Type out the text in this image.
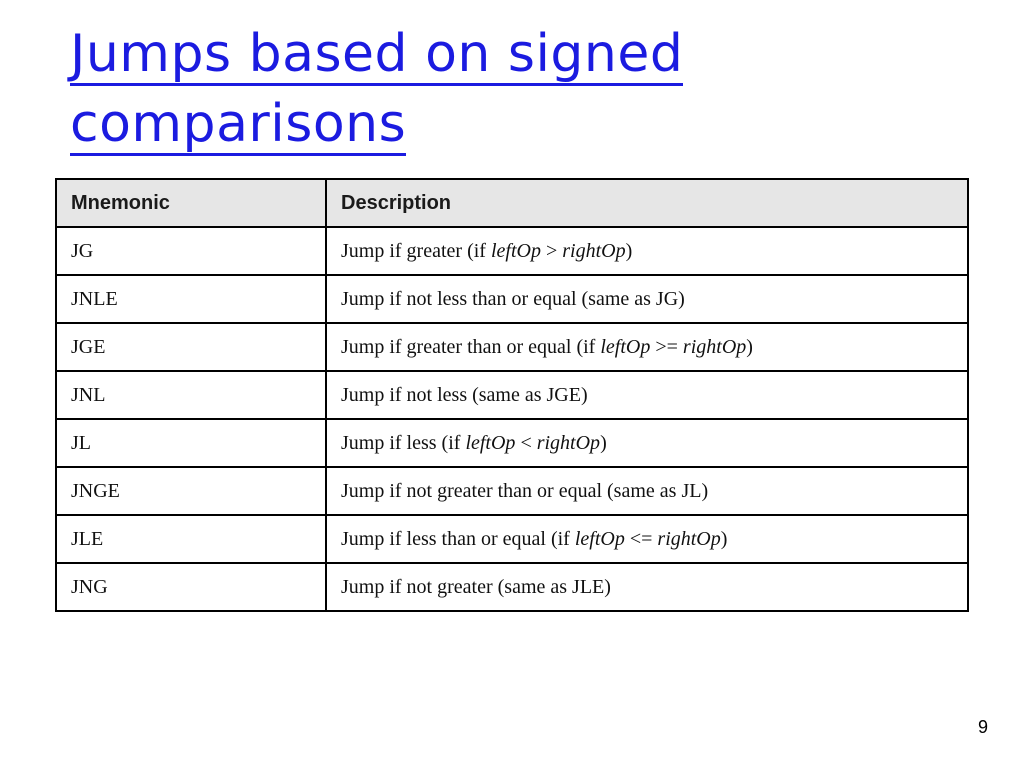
Jumps based on signed
comparisons
Mnemonic	Description
JG	Jump if greater (if leftOp > rightOp)
JNLE	Jump if not less than or equal (same as JG)
JGE	Jump if greater than or equal (if leftOp >= rightOp)
JNL	Jump if not less (same as JGE)
JL	Jump if less (if leftOp < rightOp)
JNGE	Jump if not greater than or equal (same as JL)
JLE	Jump if less than or equal (if leftOp <= rightOp)
JNG	Jump if not greater (same as JLE)
9
